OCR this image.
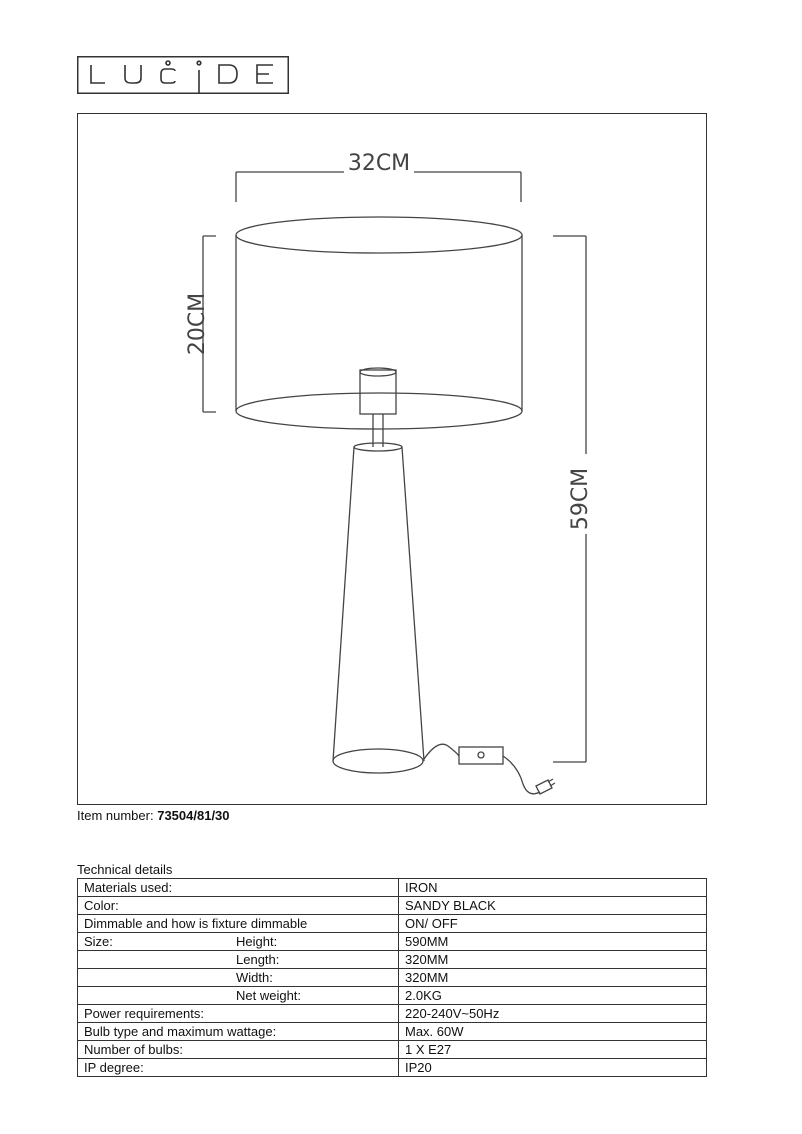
32CM
20CM
59CM
Item number: 73504/81/30
Technical details
Materials used:		IRON
Color:		SANDY BLACK
Dimmable and how is fixture dimmable		ON/ OFF
Size:	Height:	590MM
	Length:	320MM
	Width:	320MM
	Net weight:	2.0KG
Power requirements:		220-240V~50Hz
Bulb type and maximum wattage:		Max. 60W
Number of bulbs:		1 X E27
IP degree:		IP20
